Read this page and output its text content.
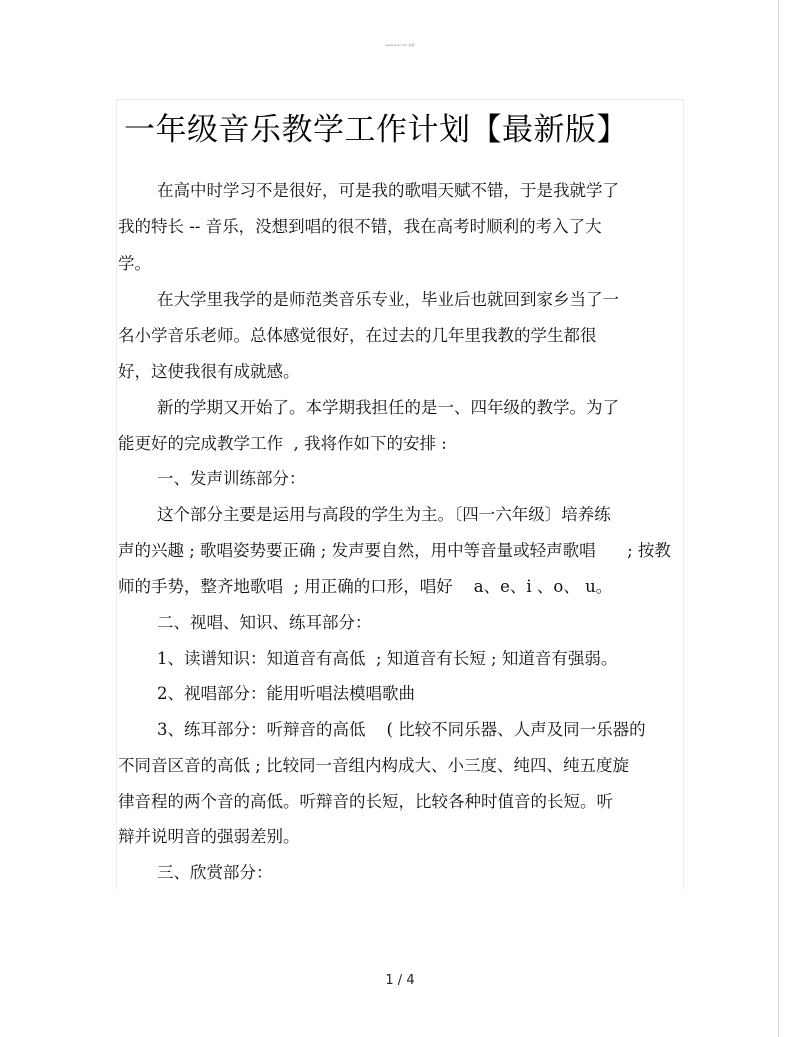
www.wd.com 来源
一年级音乐教学工作计划【最新版】
在高中时学习不是很好，可是我的歌唱天赋不错，于是我就学了
我的特长 -- 音乐，没想到唱的很不错，我在高考时顺利的考入了大
学。
在大学里我学的是师范类音乐专业，毕业后也就回到家乡当了一
名小学音乐老师。总体感觉很好，在过去的几年里我教的学生都很
好，这使我很有成就感。
新的学期又开始了。本学期我担任的是一、四年级的教学。为了
能更好的完成教学工作  , 我将作如下的安排 :
一、发声训练部分：
这个部分主要是运用与高段的学生为主。〔四一六年级〕培养练
声的兴趣 ; 歌唱姿势要正确 ; 发声要自然，用中等音量或轻声歌唱      ; 按教
师的手势，整齐地歌唱  ; 用正确的口形，唱好    a、e、i 、o、 u。
二、视唱、知识、练耳部分：
1、读谱知识：知道音有高低  ; 知道音有长短 ; 知道音有强弱。
2、视唱部分：能用听唱法模唱歌曲
3、练耳部分：听辩音的高低    ( 比较不同乐器、人声及同一乐器的
不同音区音的高低 ; 比较同一音组内构成大、小三度、纯四、纯五度旋
律音程的两个音的高低。听辩音的长短，比较各种时值音的长短。听
辩并说明音的强弱差别。
三、欣赏部分：
1 / 4
